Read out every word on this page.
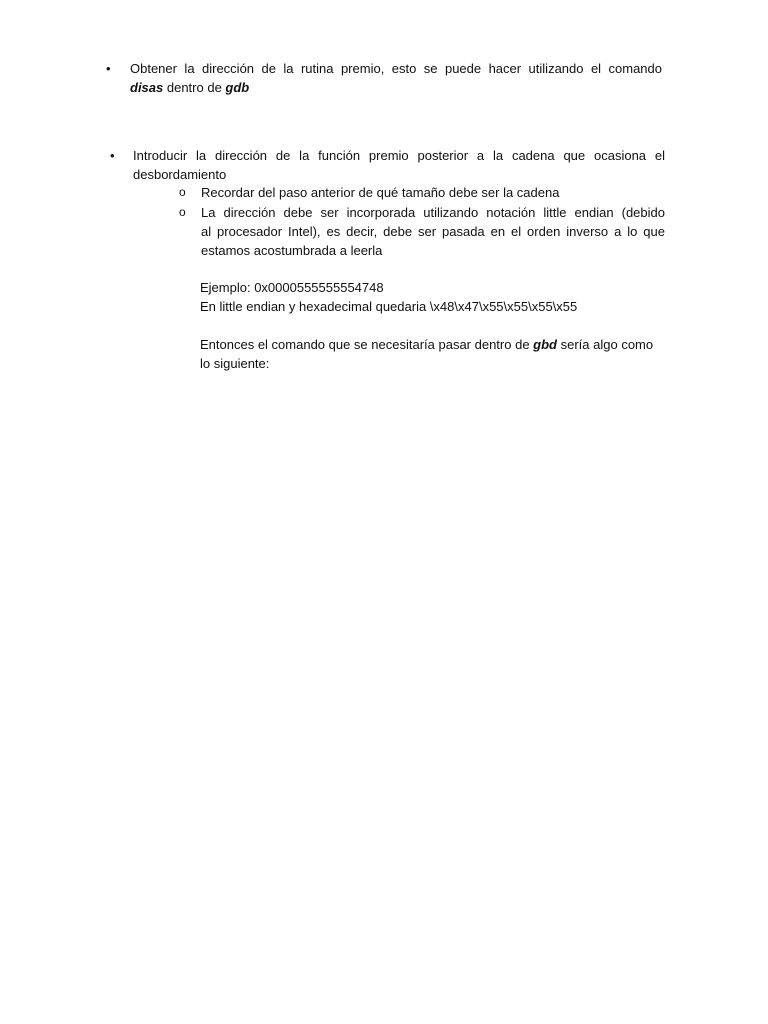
• Obtener la dirección de la rutina premio, esto se puede hacer utilizando el comando
disas dentro de gdb
• Introducir la dirección de la función premio posterior a la cadena que ocasiona el
desbordamiento
o Recordar del paso anterior de qué tamaño debe ser la cadena
o La dirección debe ser incorporada utilizando notación little endian (debido
al procesador Intel), es decir, debe ser pasada en el orden inverso a lo que
estamos acostumbrada a leerla
Ejemplo: 0x0000555555554748
En little endian y hexadecimal quedaria \x48\x47\x55\x55\x55\x55
Entonces el comando que se necesitaría pasar dentro de gbd sería algo como
lo siguiente:
